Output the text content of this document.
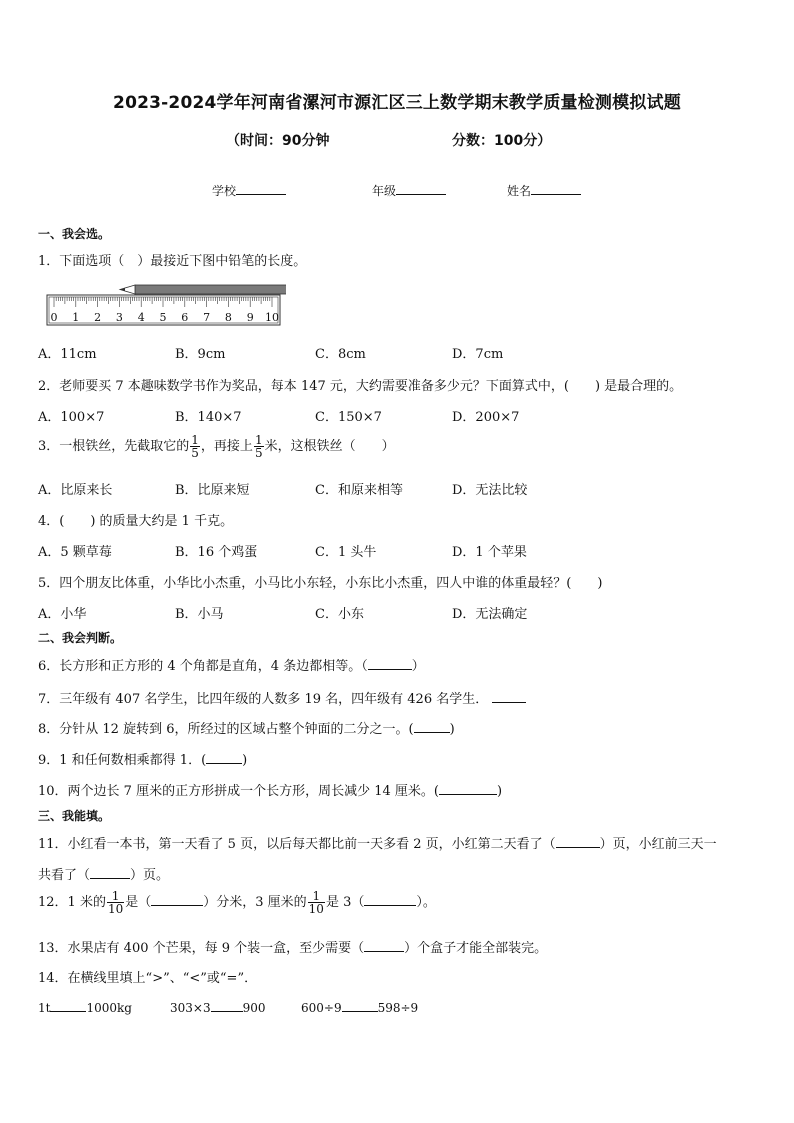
2023-2024学年河南省漯河市源汇区三上数学期末教学质量检测模拟试题
（时间：90分钟	分数：100分）
学校	年级	姓名
一、我会选。
1．下面选项（　）最接近下图中铅笔的长度。
0 1 2 3 4 5 6 7 8 9 10
A．11cm	B．9cm	C．8cm	D．7cm
2．老师要买 7 本趣味数学书作为奖品，每本 147 元，大约需要准备多少元？下面算式中，(　　) 是最合理的。
A．100×7	B．140×7	C．150×7	D．200×7
3．一根铁丝，先截取它的 $\frac{1}{5}$ ，再接上 $\frac{1}{5}$ 米，这根铁丝（　　）
A．比原来长	B．比原来短	C．和原来相等	D．无法比较
4．(　　) 的质量大约是 1 千克。
A．5 颗草莓	B．16 个鸡蛋	C．1 头牛	D．1 个苹果
5．四个朋友比体重，小华比小杰重，小马比小东轻，小东比小杰重，四人中谁的体重最轻？(　　)
A．小华	B．小马	C．小东	D．无法确定
二、我会判断。
6．长方形和正方形的 4 个角都是直角，4 条边都相等。（	）
7．三年级有 407 名学生，比四年级的人数多 19 名，四年级有 426 名学生．
8．分针从 12 旋转到 6，所经过的区域占整个钟面的二分之一。(	)
9．1 和任何数相乘都得 1．(	)
10．两个边长 7 厘米的正方形拼成一个长方形，周长减少 14 厘米。(	)
三、我能填。
11．小红看一本书，第一天看了 5 页，以后每天都比前一天多看 2 页，小红第二天看了（	）页，小红前三天一
共看了（	）页。
12．1 米的 $\frac{1}{10}$ 是（	）分米，3 厘米的 $\frac{1}{10}$ 是 3（	）。
13．水果店有 400 个芒果，每 9 个装一盒，至少需要（	）个盒子才能全部装完。
14．在横线里填上“>”、“<”或“=”．
1t	1000kg	303×3	900	600÷9	598÷9
